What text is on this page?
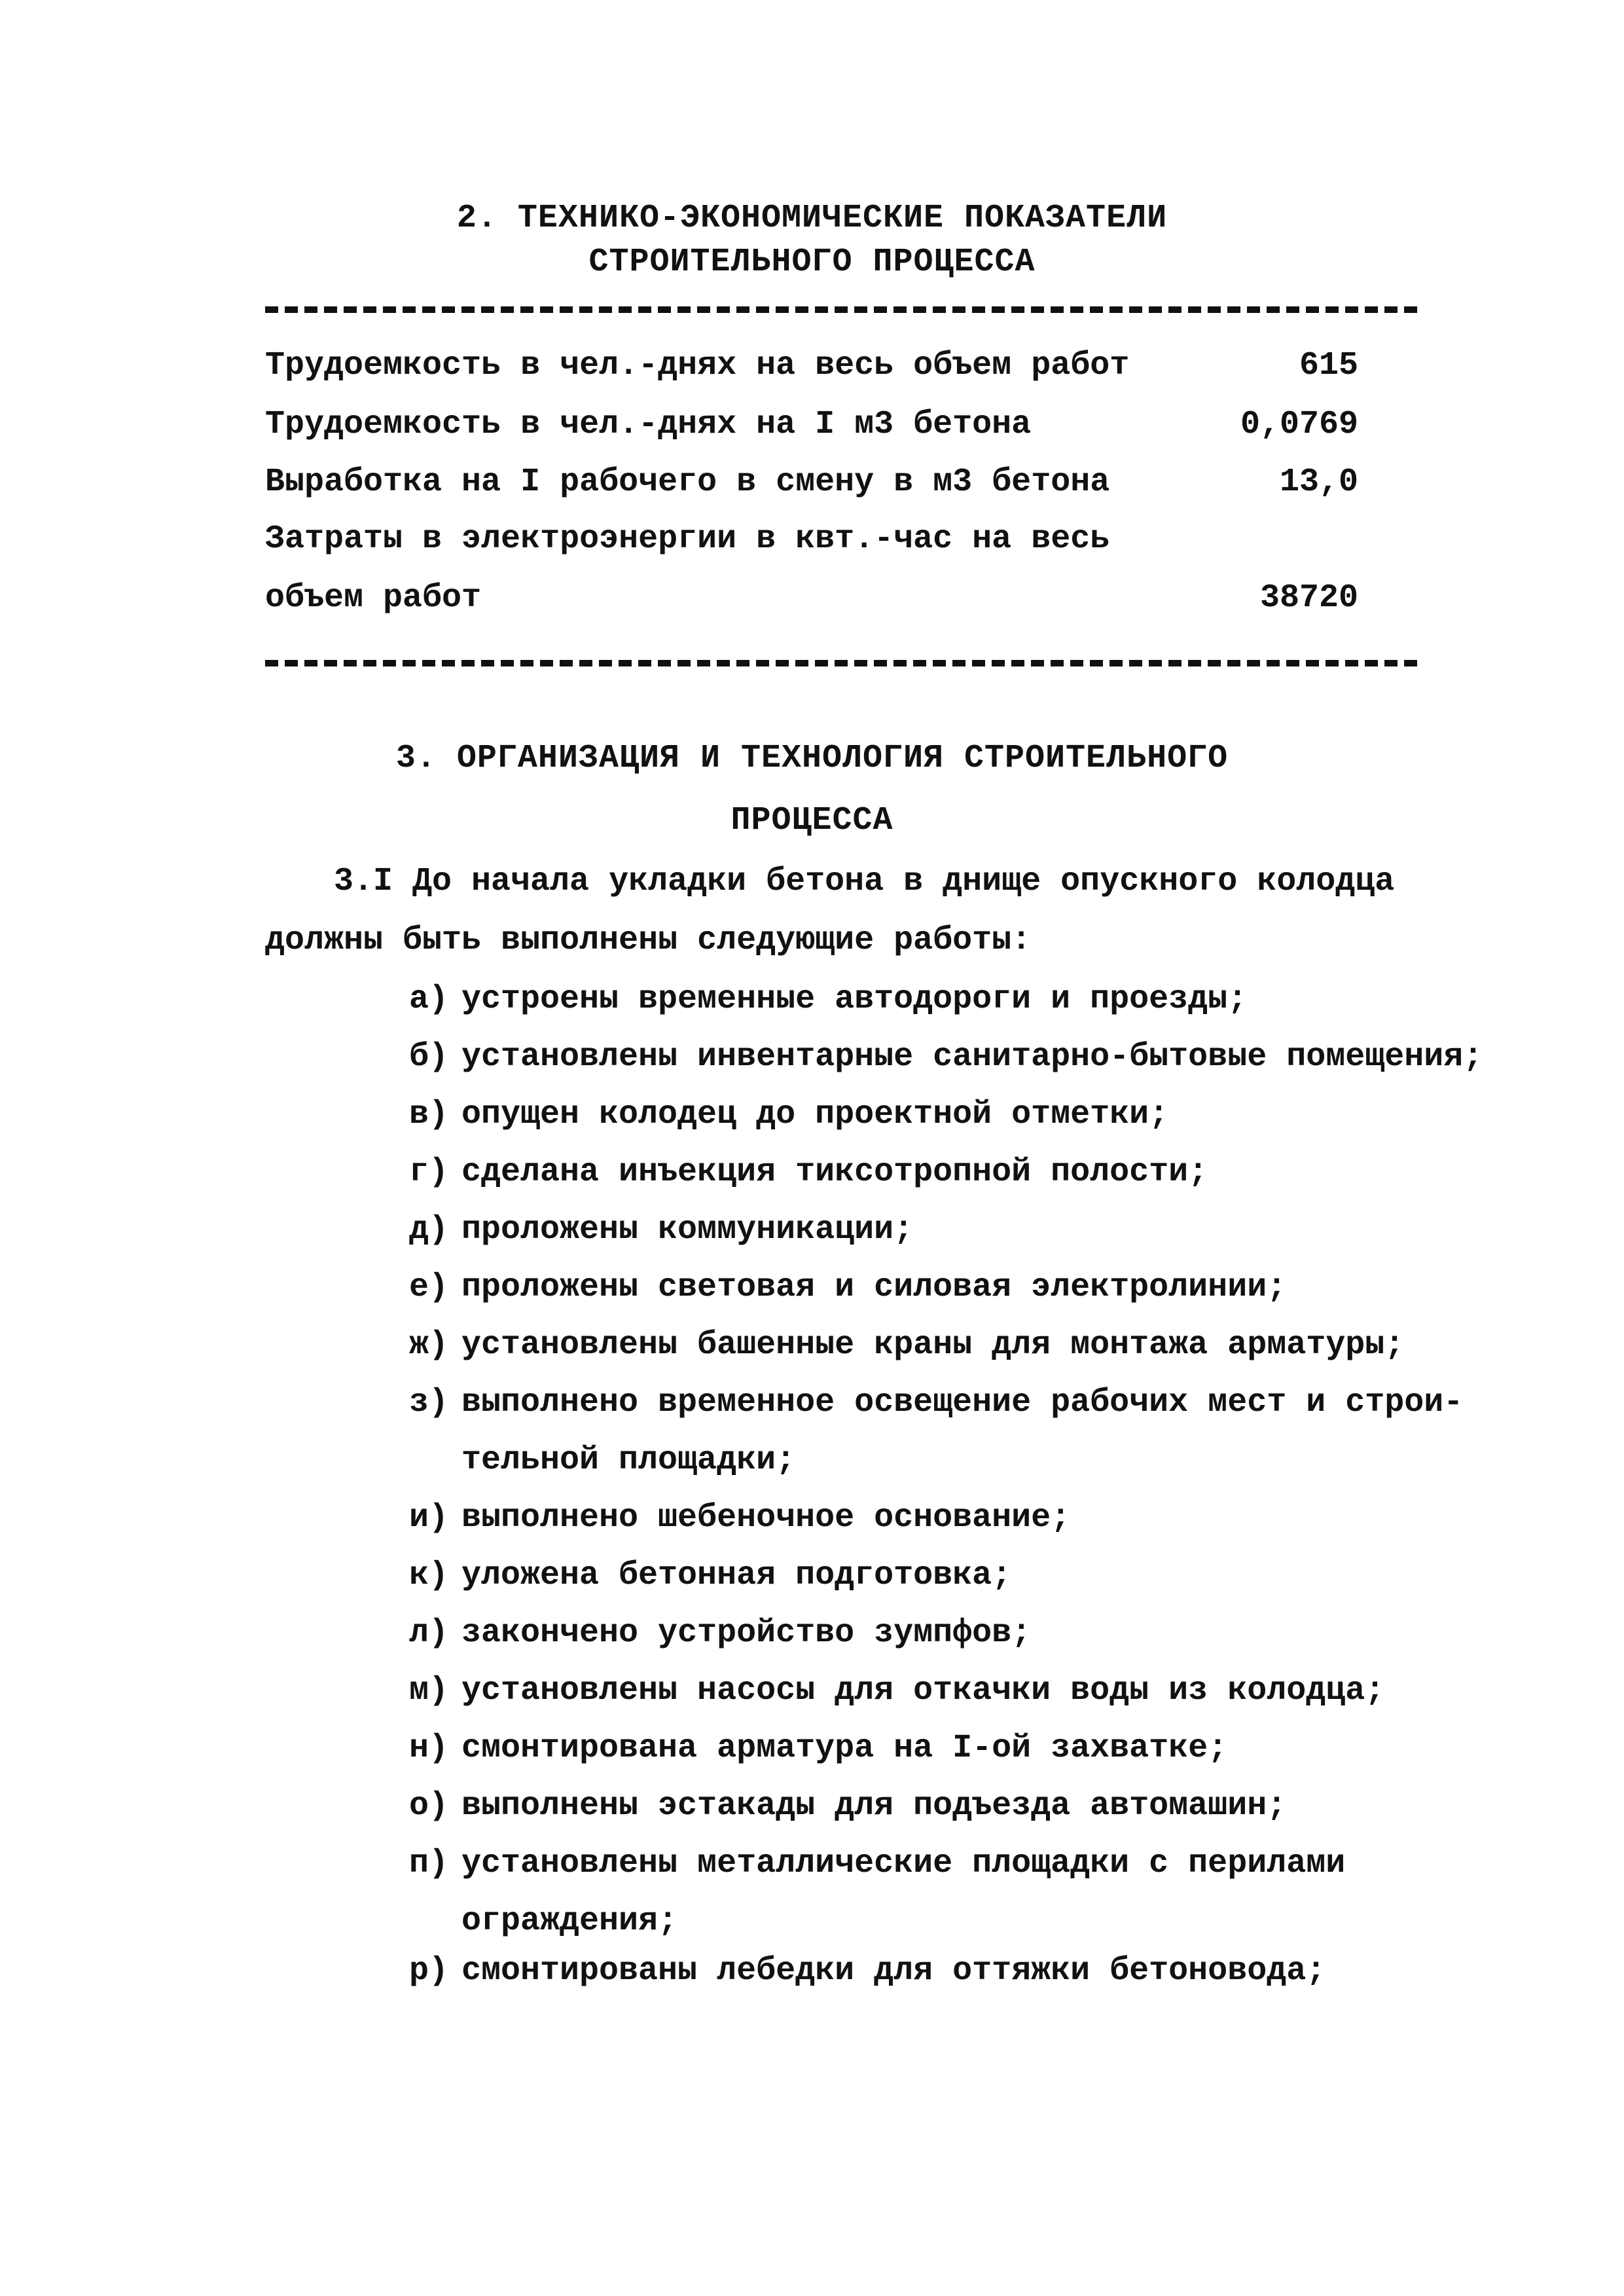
2. ТЕХНИКО-ЭКОНОМИЧЕСКИЕ ПОКАЗАТЕЛИ
СТРОИТЕЛЬНОГО ПРОЦЕССА
Трудоемкость в чел.-днях на весь объем работ	615
Трудоемкость в чел.-днях на I м3 бетона	0,0769
Выработка на I рабочего в смену в м3 бетона	13,0
Затраты в электроэнергии в квт.-час на весь
объем работ	38720
3. ОРГАНИЗАЦИЯ И ТЕХНОЛОГИЯ СТРОИТЕЛЬНОГО
ПРОЦЕССА
3.I До начала укладки бетона в днище опускного колодца
должны быть выполнены следующие работы:
а) устроены временные автодороги и проезды;
б) установлены инвентарные санитарно-бытовые помещения;
в) опущен колодец до проектной отметки;
г) сделана инъекция тиксотропной полости;
д) проложены коммуникации;
е) проложены световая и силовая электролинии;
ж) установлены башенные краны для монтажа арматуры;
з) выполнено временное освещение рабочих мест и строи-
тельной площадки;
и) выполнено шебеночное основание;
к) уложена бетонная подготовка;
л) закончено устройство зумпфов;
м) установлены насосы для откачки воды из колодца;
н) смонтирована арматура на I-ой захватке;
о) выполнены эстакады для подъезда автомашин;
п) установлены металлические площадки с перилами
ограждения;
р) смонтированы лебедки для оттяжки бетоновода;
